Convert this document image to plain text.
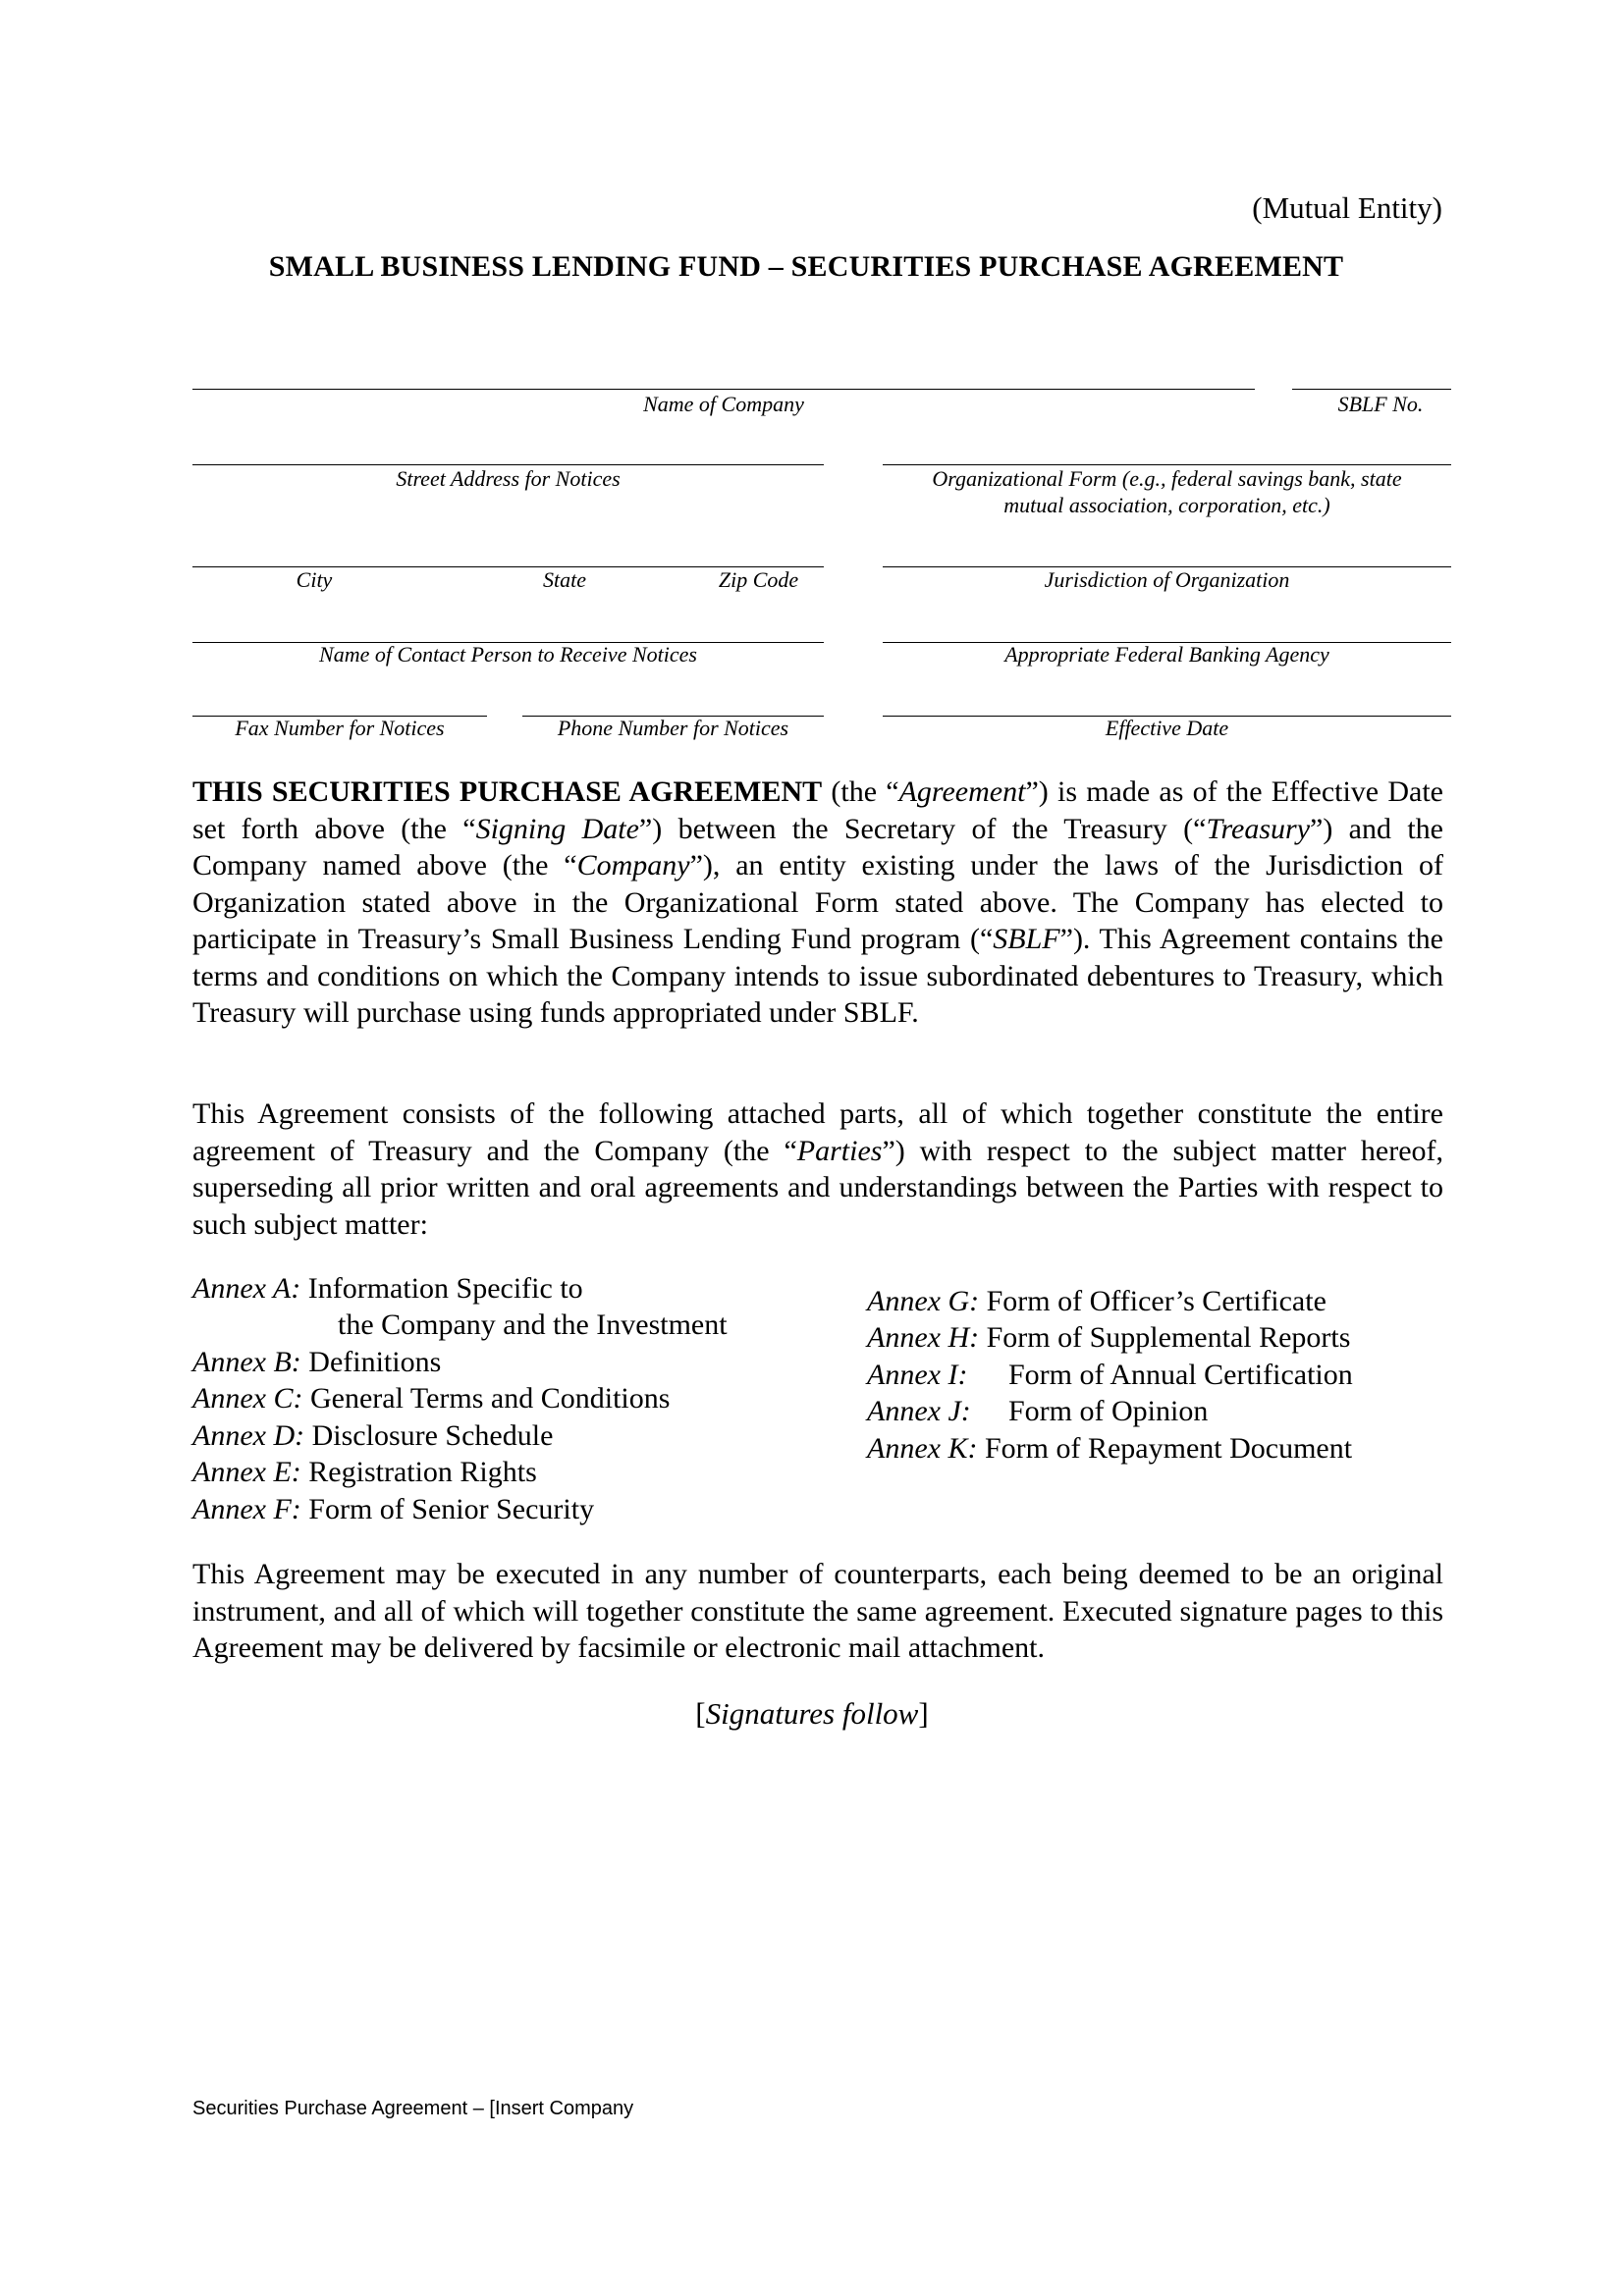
(Mutual Entity)
SMALL BUSINESS LENDING FUND – SECURITIES PURCHASE AGREEMENT
Name of Company	SBLF No.
Street Address for Notices	Organizational Form (e.g., federal savings bank, state
mutual association, corporation, etc.)
City	State	Zip Code	Jurisdiction of Organization
Name of Contact Person to Receive Notices	Appropriate Federal Banking Agency
Fax Number for Notices	Phone Number for Notices	Effective Date
THIS SECURITIES PURCHASE AGREEMENT (the “Agreement”) is made as of the Effective Date set forth above (the “Signing Date”) between the Secretary of the Treasury (“Treasury”) and the Company named above (the “Company”), an entity existing under the laws of the Jurisdiction of Organization stated above in the Organizational Form stated above. The Company has elected to participate in Treasury’s Small Business Lending Fund program (“SBLF”). This Agreement contains the terms and conditions on which the Company intends to issue subordinated debentures to Treasury, which Treasury will purchase using funds appropriated under SBLF.
This Agreement consists of the following attached parts, all of which together constitute the entire agreement of Treasury and the Company (the “Parties”) with respect to the subject matter hereof, superseding all prior written and oral agreements and understandings between the Parties with respect to such subject matter:
Annex A: Information Specific to
the Company and the Investment
Annex B: Definitions
Annex C: General Terms and Conditions
Annex D: Disclosure Schedule
Annex E: Registration Rights
Annex F: Form of Senior Security
Annex G: Form of Officer’s Certificate
Annex H: Form of Supplemental Reports
Annex I: Form of Annual Certification
Annex J: Form of Opinion
Annex K: Form of Repayment Document
This Agreement may be executed in any number of counterparts, each being deemed to be an original instrument, and all of which will together constitute the same agreement. Executed signature pages to this Agreement may be delivered by facsimile or electronic mail attachment.
[Signatures follow]
Securities Purchase Agreement – [Insert Company
